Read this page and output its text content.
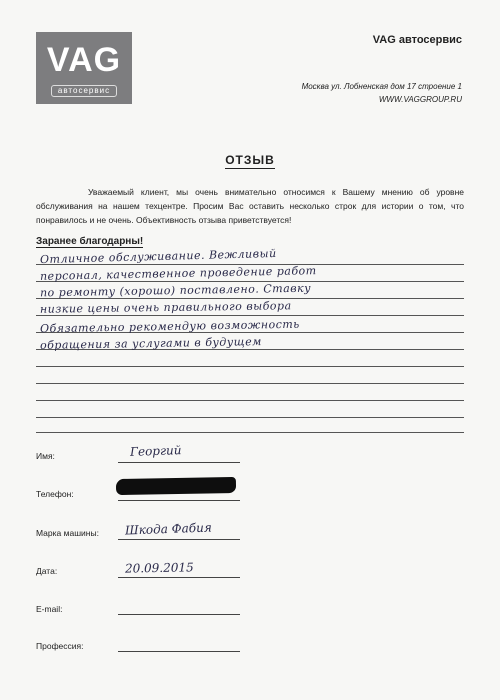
VAG
автосервис
VAG автосервис
Москва ул. Лобненская дом 17 строение 1
WWW.VAGGROUP.RU
ОТЗЫВ
Уважаемый клиент, мы очень внимательно относимся к Вашему мнению об уровне обслуживания на нашем техцентре. Просим Вас оставить несколько строк для истории о том, что понравилось и не очень. Объективность отзыва приветствуется!
Заранее благодарны!
Отличное обслуживание. Вежливый
персонал, качественное проведение работ
по ремонту (хорошо) поставлено. Ставку
низкие цены очень правильного выбора
Обязательно рекомендую возможность
обращения за услугами в будущем
Имя:	Георгий
Телефон:
Марка машины: Шкода Фабия
Дата:	20.09.2015
E-mail:
Профессия:
